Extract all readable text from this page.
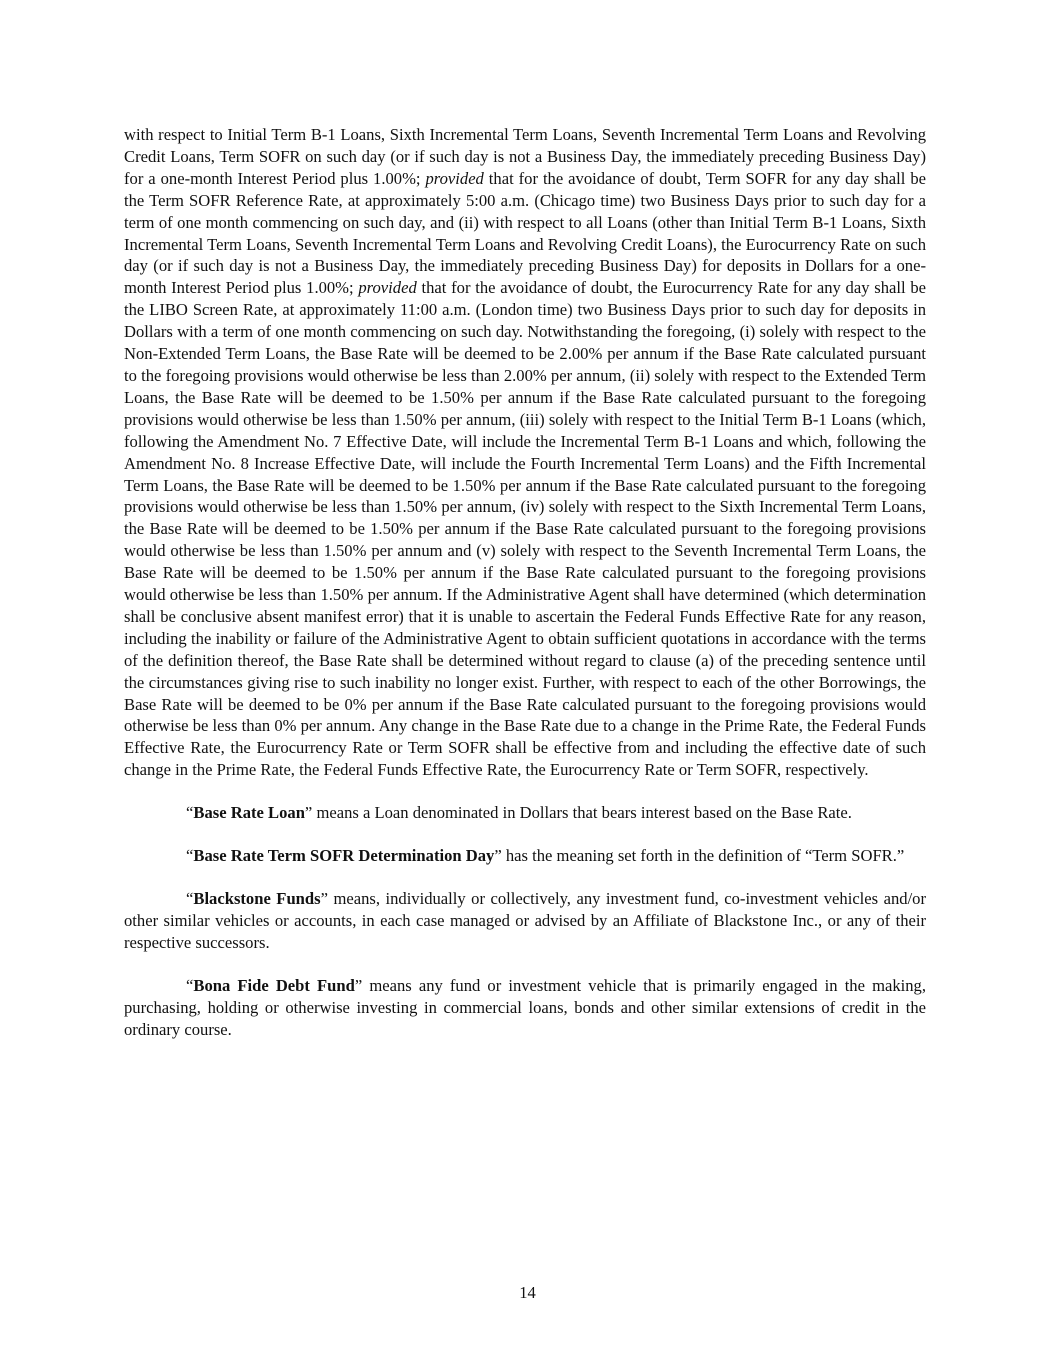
with respect to Initial Term B-1 Loans, Sixth Incremental Term Loans, Seventh Incremental Term Loans and Revolving Credit Loans, Term SOFR on such day (or if such day is not a Business Day, the immediately preceding Business Day) for a one-month Interest Period plus 1.00%; provided that for the avoidance of doubt, Term SOFR for any day shall be the Term SOFR Reference Rate, at approximately 5:00 a.m. (Chicago time) two Business Days prior to such day for a term of one month commencing on such day, and (ii) with respect to all Loans (other than Initial Term B-1 Loans, Sixth Incremental Term Loans, Seventh Incremental Term Loans and Revolving Credit Loans), the Eurocurrency Rate on such day (or if such day is not a Business Day, the immediately preceding Business Day) for deposits in Dollars for a one-month Interest Period plus 1.00%; provided that for the avoidance of doubt, the Eurocurrency Rate for any day shall be the LIBO Screen Rate, at approximately 11:00 a.m. (London time) two Business Days prior to such day for deposits in Dollars with a term of one month commencing on such day. Notwithstanding the foregoing, (i) solely with respect to the Non-Extended Term Loans, the Base Rate will be deemed to be 2.00% per annum if the Base Rate calculated pursuant to the foregoing provisions would otherwise be less than 2.00% per annum, (ii) solely with respect to the Extended Term Loans, the Base Rate will be deemed to be 1.50% per annum if the Base Rate calculated pursuant to the foregoing provisions would otherwise be less than 1.50% per annum, (iii) solely with respect to the Initial Term B-1 Loans (which, following the Amendment No. 7 Effective Date, will include the Incremental Term B-1 Loans and which, following the Amendment No. 8 Increase Effective Date, will include the Fourth Incremental Term Loans) and the Fifth Incremental Term Loans, the Base Rate will be deemed to be 1.50% per annum if the Base Rate calculated pursuant to the foregoing provisions would otherwise be less than 1.50% per annum, (iv) solely with respect to the Sixth Incremental Term Loans, the Base Rate will be deemed to be 1.50% per annum if the Base Rate calculated pursuant to the foregoing provisions would otherwise be less than 1.50% per annum and (v) solely with respect to the Seventh Incremental Term Loans, the Base Rate will be deemed to be 1.50% per annum if the Base Rate calculated pursuant to the foregoing provisions would otherwise be less than 1.50% per annum. If the Administrative Agent shall have determined (which determination shall be conclusive absent manifest error) that it is unable to ascertain the Federal Funds Effective Rate for any reason, including the inability or failure of the Administrative Agent to obtain sufficient quotations in accordance with the terms of the definition thereof, the Base Rate shall be determined without regard to clause (a) of the preceding sentence until the circumstances giving rise to such inability no longer exist. Further, with respect to each of the other Borrowings, the Base Rate will be deemed to be 0% per annum if the Base Rate calculated pursuant to the foregoing provisions would otherwise be less than 0% per annum. Any change in the Base Rate due to a change in the Prime Rate, the Federal Funds Effective Rate, the Eurocurrency Rate or Term SOFR shall be effective from and including the effective date of such change in the Prime Rate, the Federal Funds Effective Rate, the Eurocurrency Rate or Term SOFR, respectively.

“Base Rate Loan” means a Loan denominated in Dollars that bears interest based on the Base Rate.

“Base Rate Term SOFR Determination Day” has the meaning set forth in the definition of “Term SOFR.”

“Blackstone Funds” means, individually or collectively, any investment fund, co-investment vehicles and/or other similar vehicles or accounts, in each case managed or advised by an Affiliate of Blackstone Inc., or any of their respective successors.

“Bona Fide Debt Fund” means any fund or investment vehicle that is primarily engaged in the making, purchasing, holding or otherwise investing in commercial loans, bonds and other similar extensions of credit in the ordinary course.

14
